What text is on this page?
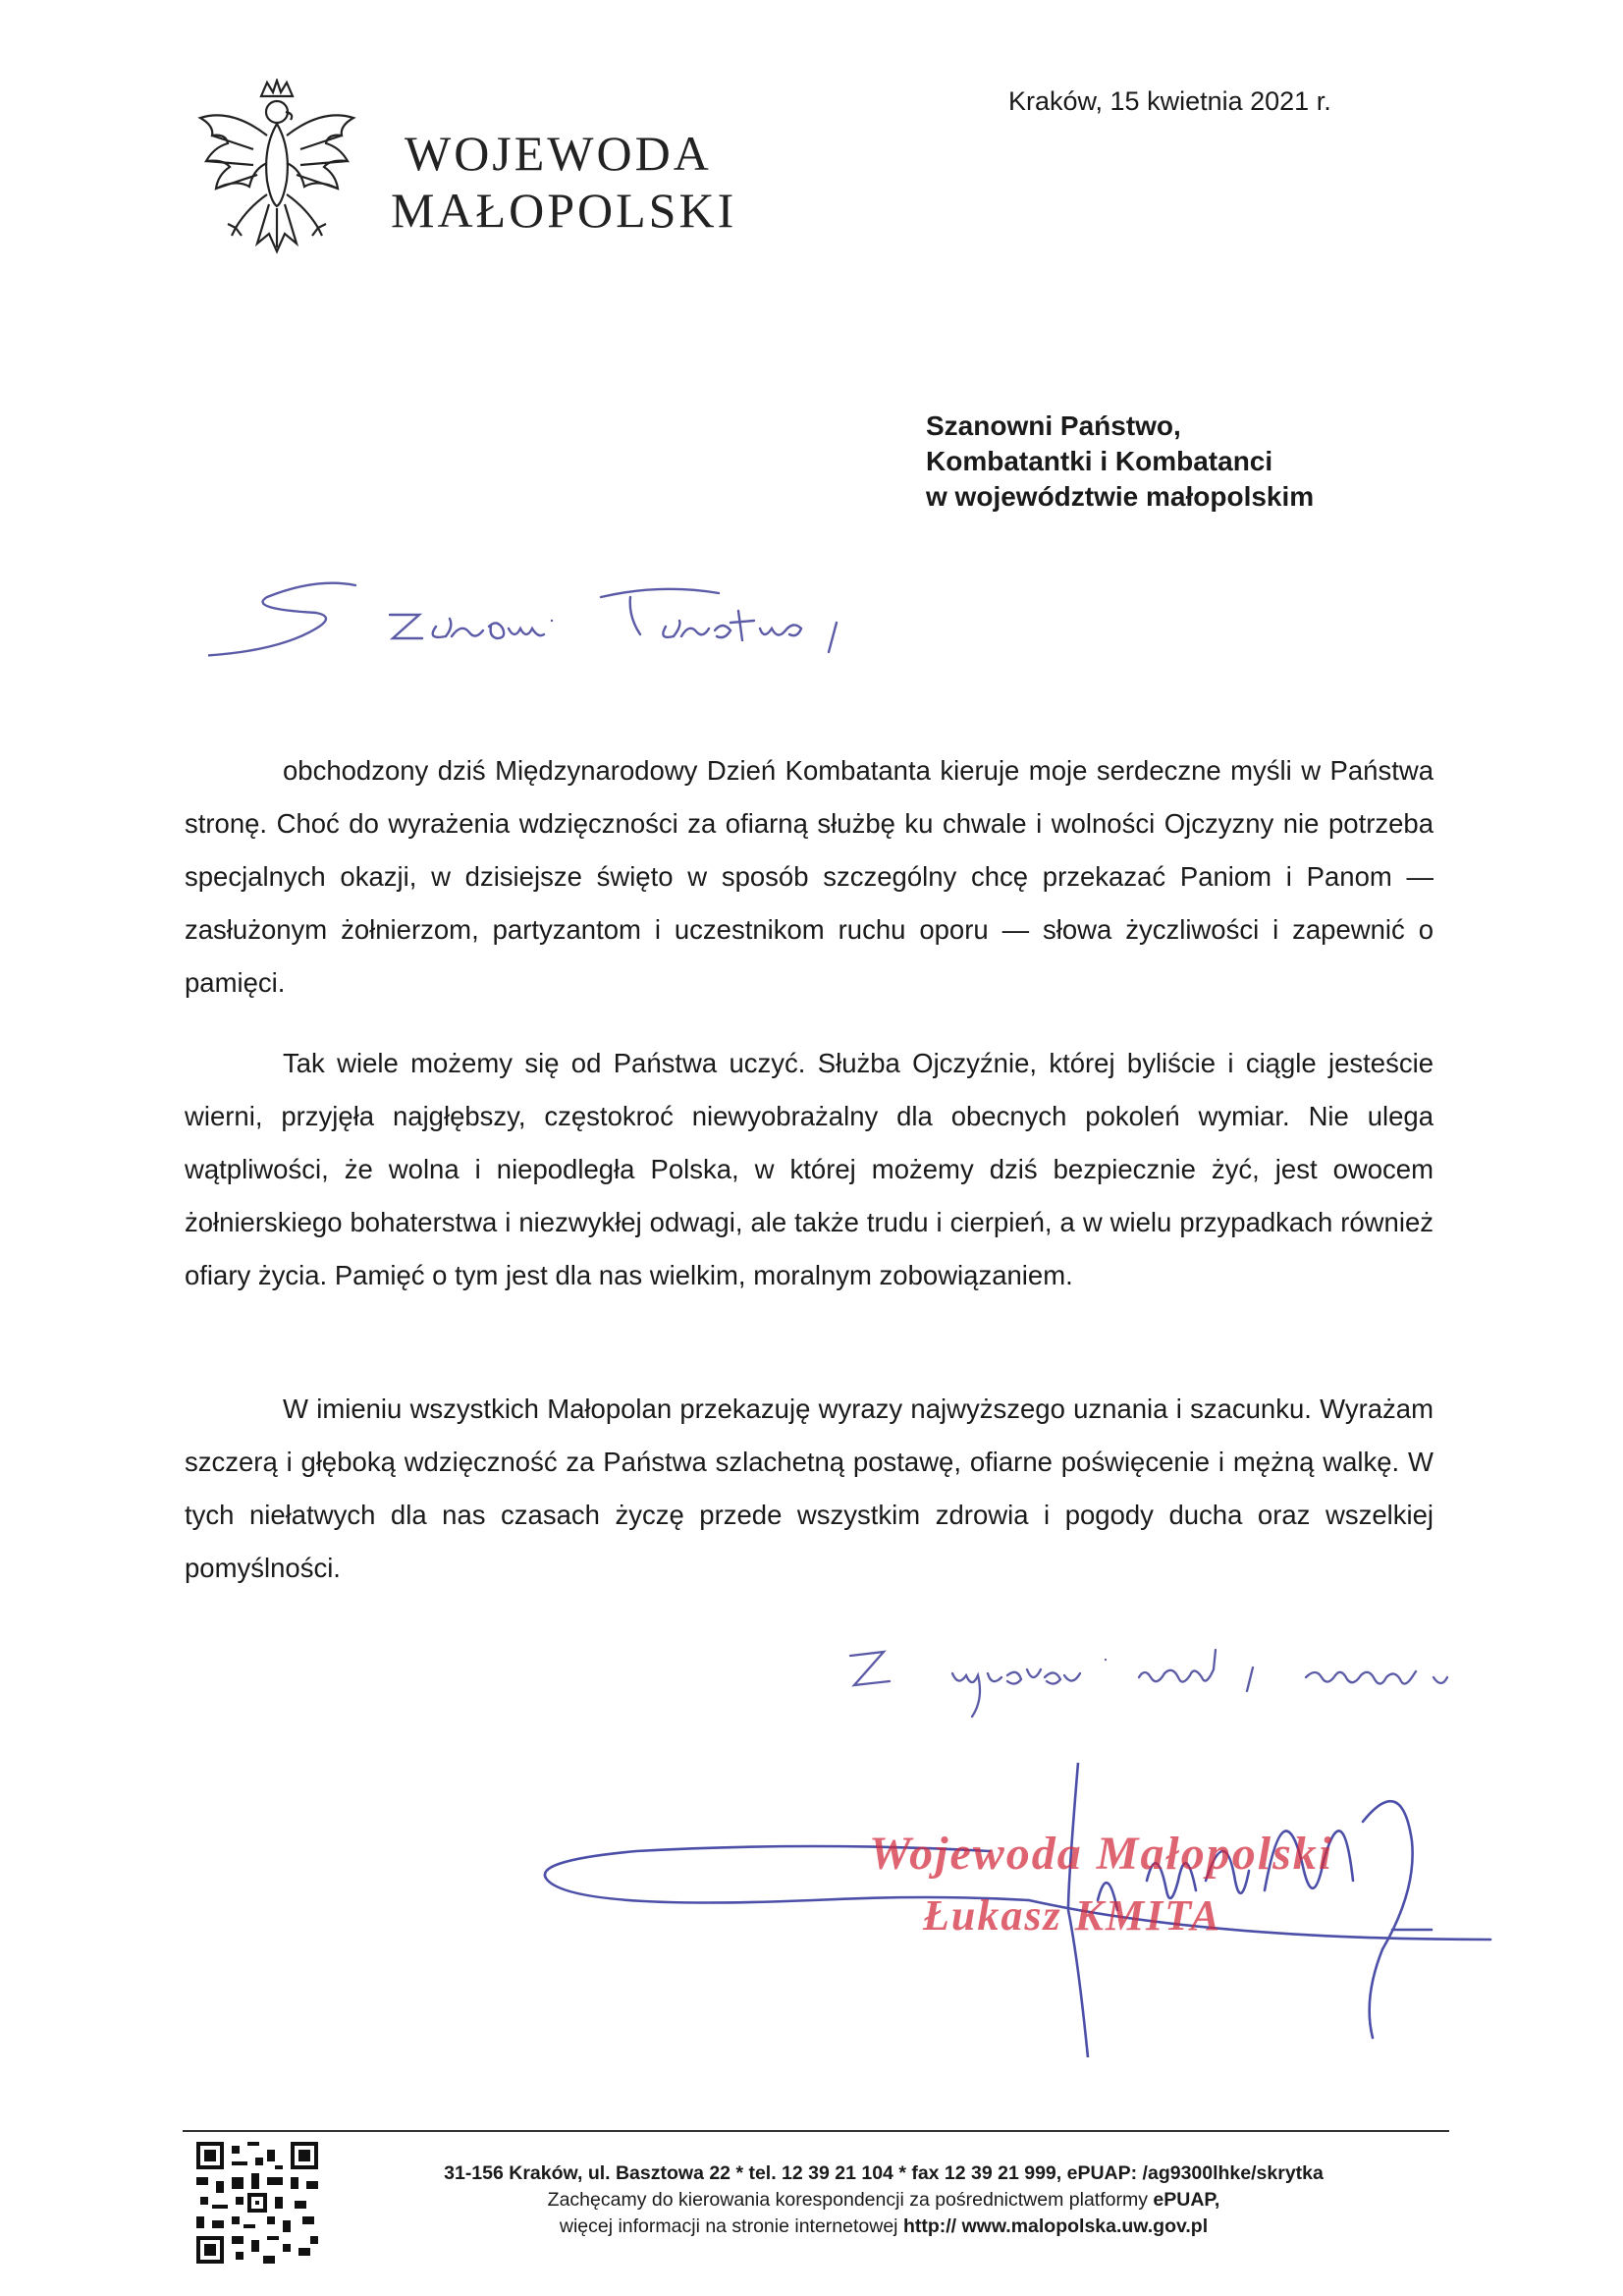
WOJEWODA
MAŁOPOLSKI
Kraków, 15 kwietnia 2021 r.
Szanowni Państwo,
Kombatantki i Kombatanci
w województwie małopolskim

obchodzony dziś Międzynarodowy Dzień Kombatanta kieruje moje serdeczne myśli w Państwa stronę. Choć do wyrażenia wdzięczności za ofiarną służbę ku chwale i wolności Ojczyzny nie potrzeba specjalnych okazji, w dzisiejsze święto w sposób szczególny chcę przekazać Paniom i Panom — zasłużonym żołnierzom, partyzantom i uczestnikom ruchu oporu — słowa życzliwości i zapewnić o pamięci.

Tak wiele możemy się od Państwa uczyć. Służba Ojczyźnie, której byliście i ciągle jesteście wierni, przyjęła najgłębszy, częstokroć niewyobrażalny dla obecnych pokoleń wymiar. Nie ulega wątpliwości, że wolna i niepodległa Polska, w której możemy dziś bezpiecznie żyć, jest owocem żołnierskiego bohaterstwa i niezwykłej odwagi, ale także trudu i cierpień, a w wielu przypadkach również ofiary życia. Pamięć o tym jest dla nas wielkim, moralnym zobowiązaniem.

W imieniu wszystkich Małopolan przekazuję wyrazy najwyższego uznania i szacunku. Wyrażam szczerą i głęboką wdzięczność za Państwa szlachetną postawę, ofiarne poświęcenie i mężną walkę. W tych niełatwych dla nas czasach życzę przede wszystkim zdrowia i pogody ducha oraz wszelkiej pomyślności.

Wojewoda Małopolski
Łukasz KMITA
31-156 Kraków, ul. Basztowa 22 * tel. 12 39 21 104 * fax 12 39 21 999, ePUAP: /ag9300lhke/skrytka
Zachęcamy do kierowania korespondencji za pośrednictwem platformy ePUAP,
więcej informacji na stronie internetowej http:// www.malopolska.uw.gov.pl
